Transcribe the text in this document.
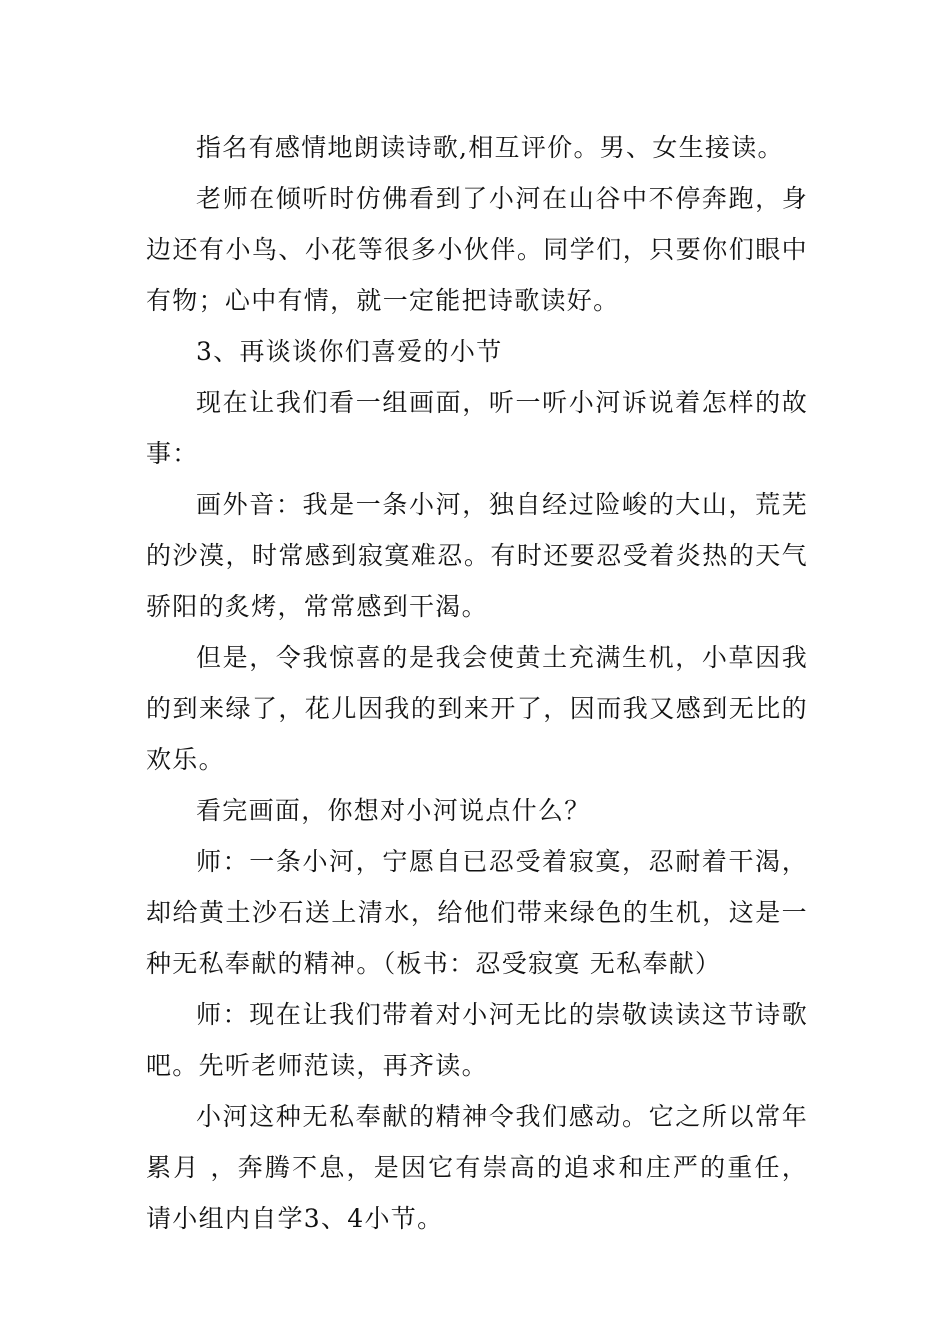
指名有感情地朗读诗歌,相互评价。男、女生接读。

老师在倾听时仿佛看到了小河在山谷中不停奔跑，身边还有小鸟、小花等很多小伙伴。同学们，只要你们眼中有物；心中有情，就一定能把诗歌读好。

3、再谈谈你们喜爱的小节

现在让我们看一组画面，听一听小河诉说着怎样的故事：

画外音：我是一条小河，独自经过险峻的大山，荒芜的沙漠，时常感到寂寞难忍。有时还要忍受着炎热的天气骄阳的炙烤，常常感到干渴。

但是，令我惊喜的是我会使黄土充满生机，小草因我的到来绿了，花儿因我的到来开了，因而我又感到无比的欢乐。

看完画面，你想对小河说点什么？

师：一条小河，宁愿自已忍受着寂寞，忍耐着干渴，却给黄土沙石送上清水，给他们带来绿色的生机，这是一种无私奉献的精神。（板书：忍受寂寞 无私奉献）

师：现在让我们带着对小河无比的崇敬读读这节诗歌吧。先听老师范读，再齐读。

小河这种无私奉献的精神令我们感动。它之所以常年累月 ，奔腾不息，是因它有崇高的追求和庄严的重任，请小组内自学3、4小节。
